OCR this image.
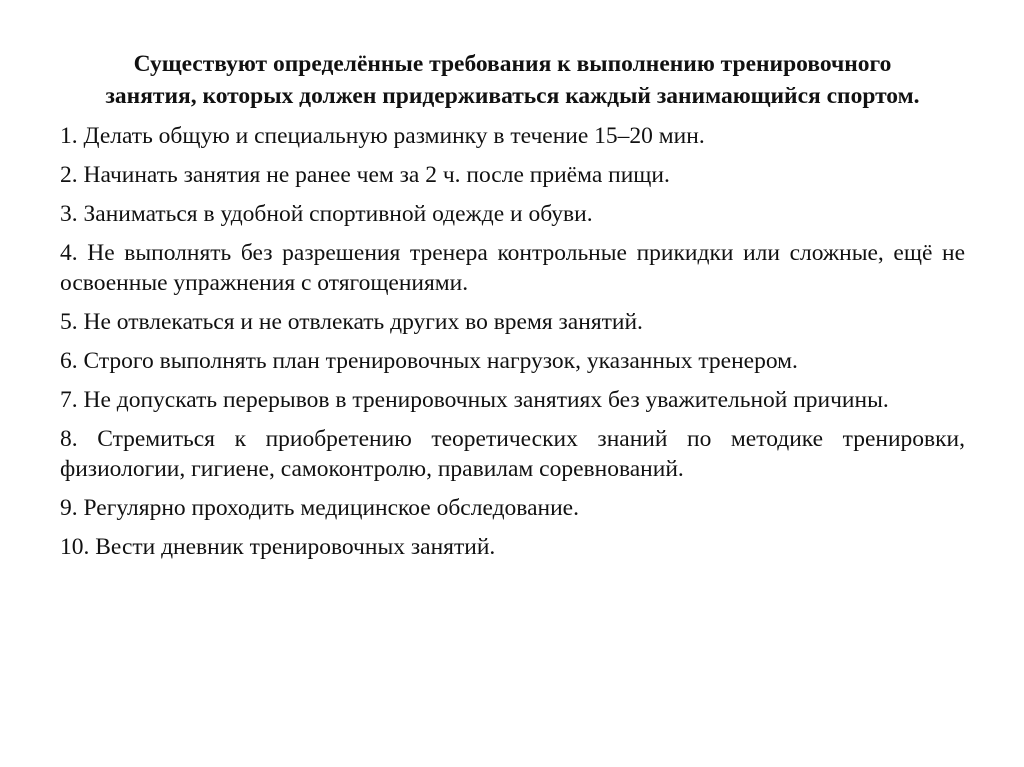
Существуют определённые требования к выполнению тренировочного занятия, которых должен придерживаться каждый занимающийся спортом.
1. Делать общую и специальную разминку в течение 15–20 мин.
2. Начинать занятия не ранее чем за 2 ч. после приёма пищи.
3. Заниматься в удобной спортивной одежде и обуви.
4. Не выполнять без разрешения тренера контрольные прикидки или сложные, ещё не освоенные упражнения с отягощениями.
5. Не отвлекаться и не отвлекать других во время занятий.
6. Строго выполнять план тренировочных нагрузок, указанных тренером.
7. Не допускать перерывов в тренировочных занятиях без уважительной причины.
8. Стремиться к приобретению теоретических знаний по методике тренировки, физиологии, гигиене, самоконтролю, правилам соревнований.
9. Регулярно проходить медицинское обследование.
10. Вести дневник тренировочных занятий.
